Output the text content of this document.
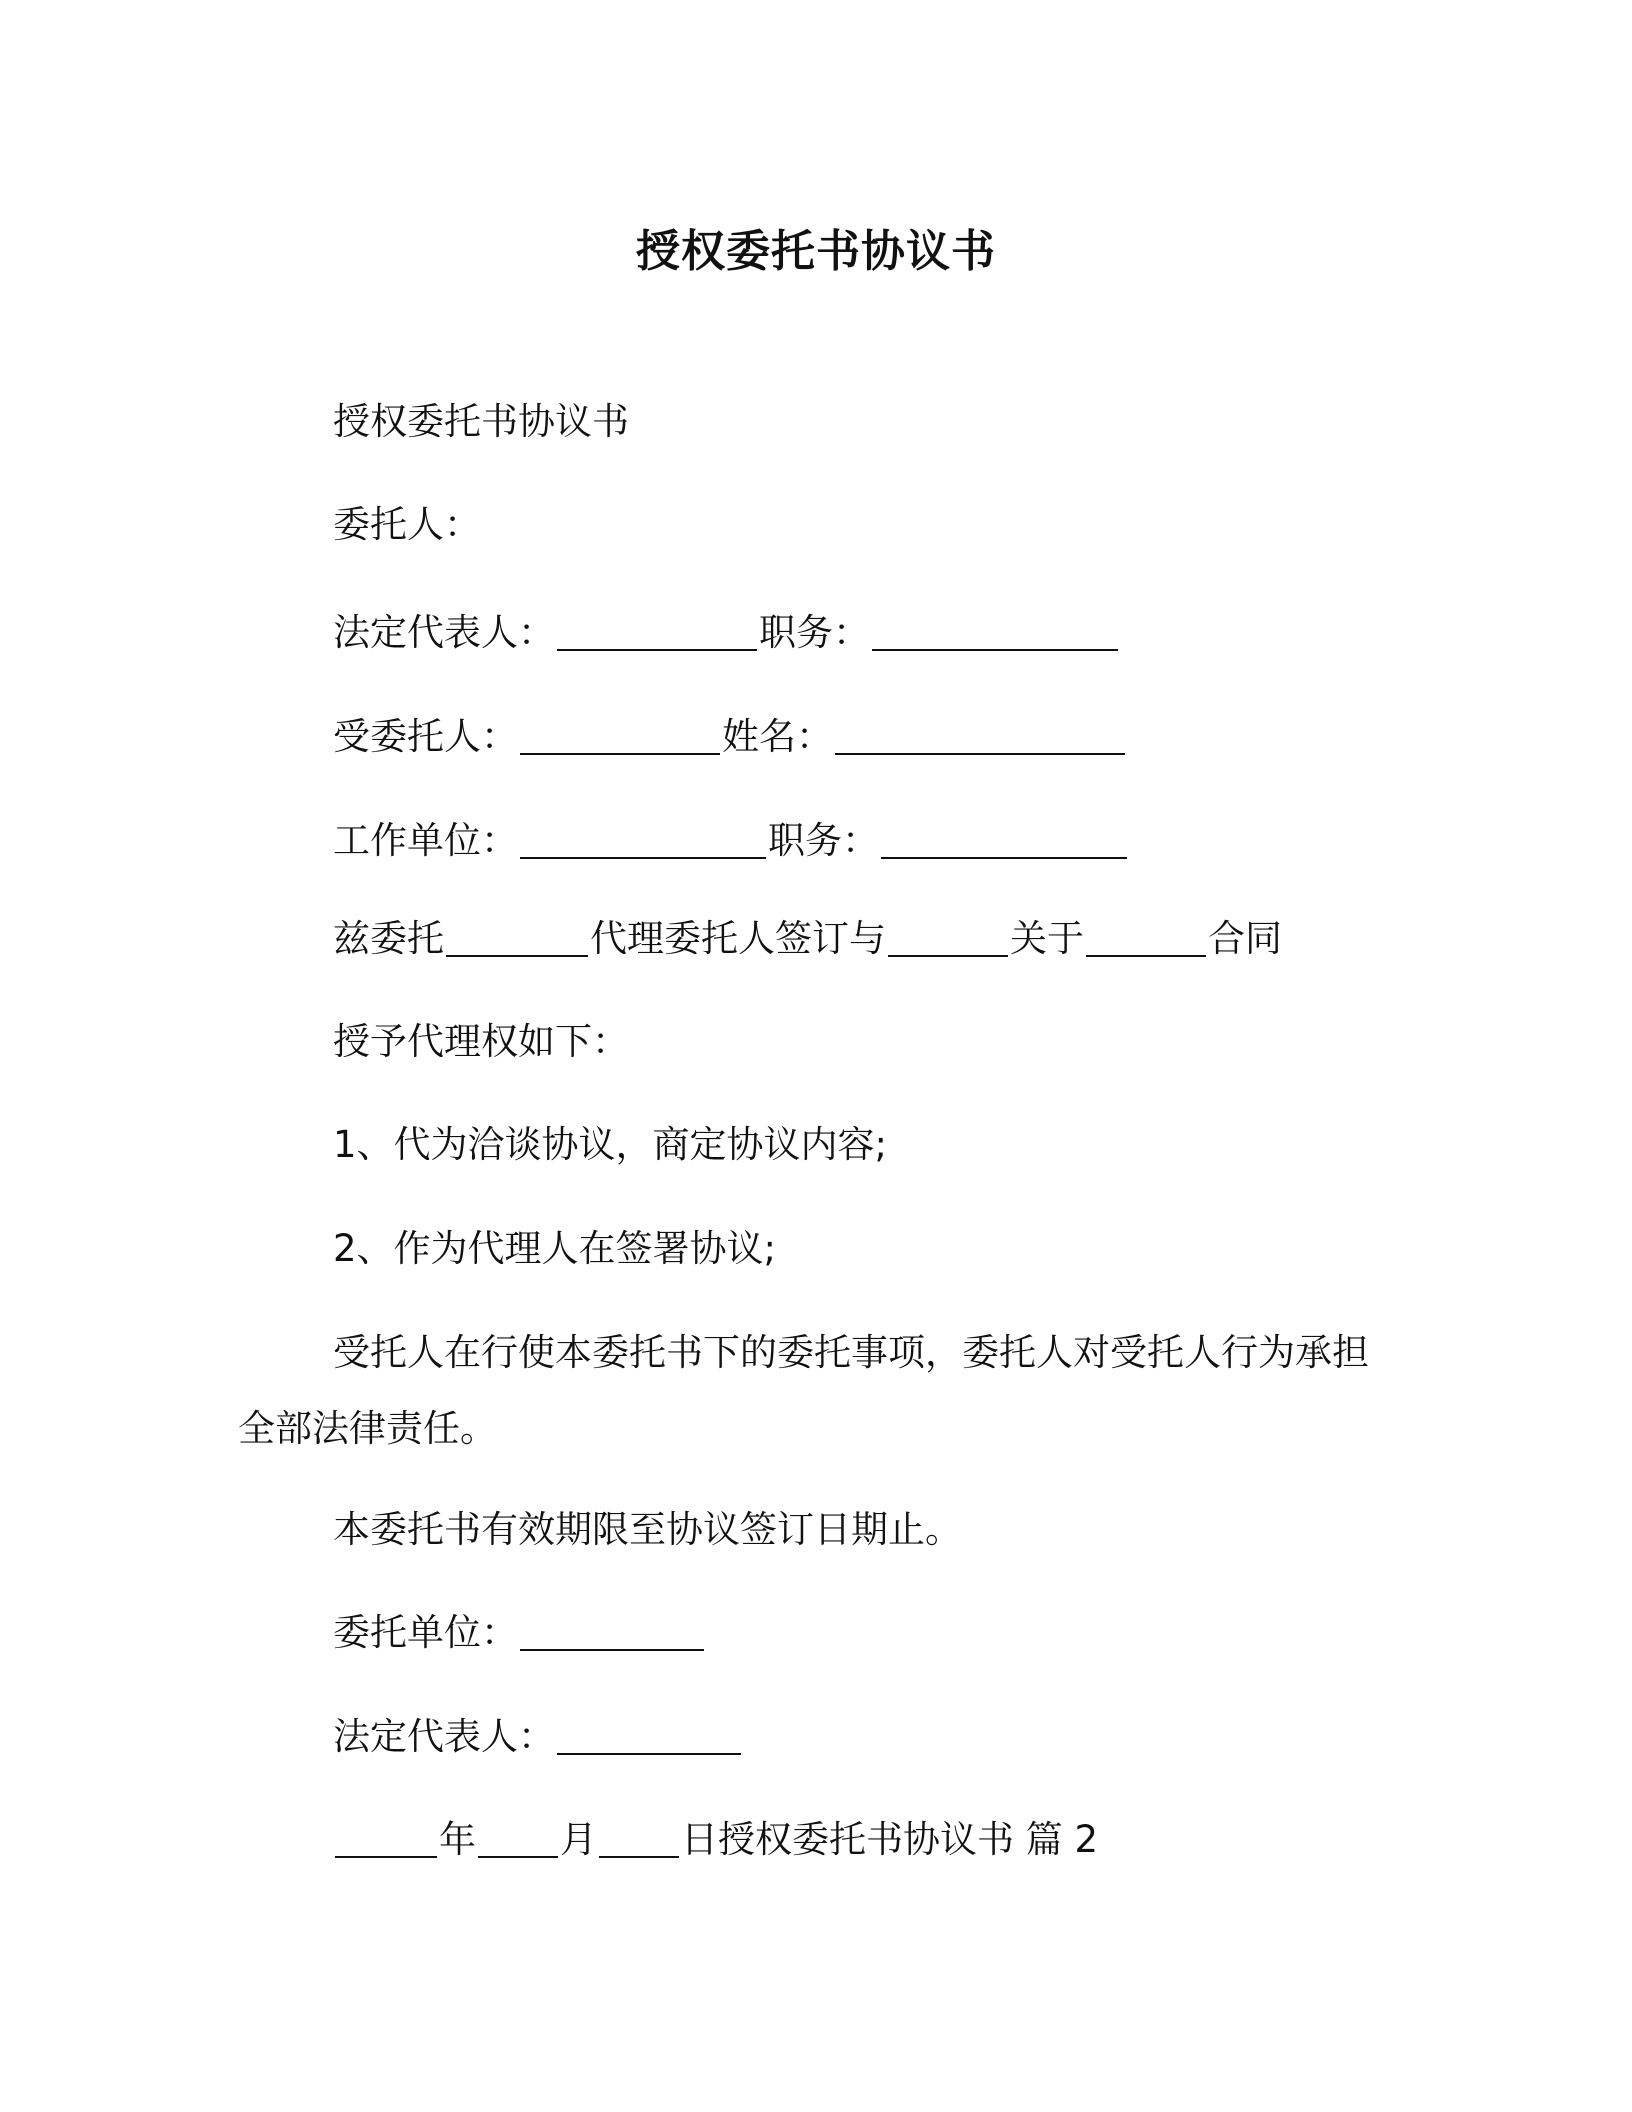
授权委托书协议书
授权委托书协议书
委托人：
法定代表人：	职务：
受委托人：	姓名：
工作单位：	职务：
兹委托	代理委托人签订与	关于	合同
授予代理权如下：
1、代为洽谈协议，商定协议内容;
2、作为代理人在签署协议;
受托人在行使本委托书下的委托事项，委托人对受托人行为承担
全部法律责任。
本委托书有效期限至协议签订日期止。
委托单位：
法定代表人：
年 月 日授权委托书协议书 篇 2
